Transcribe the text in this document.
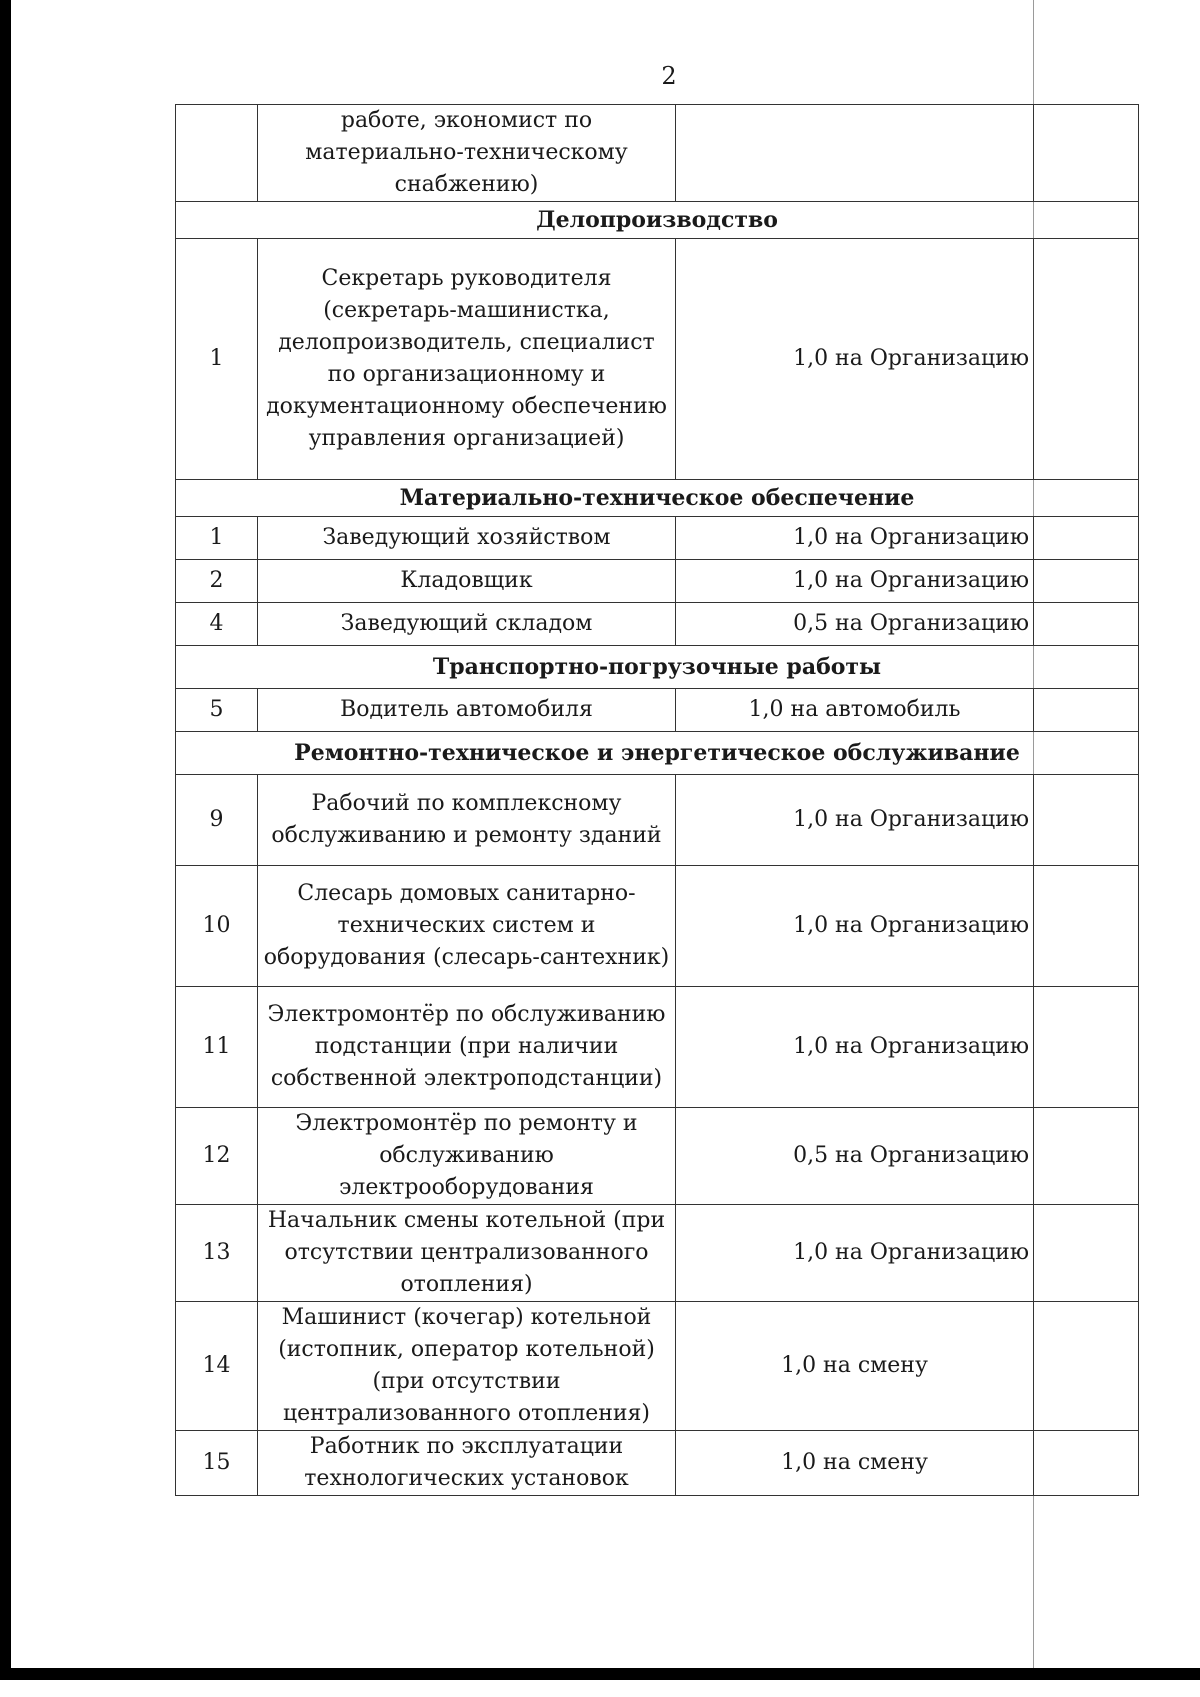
2
	работе, экономист по материально-техническому снабжению)		
Делопроизводство			
1	Секретарь руководителя (секретарь-машинистка, делопроизводитель, специалист по организационному и документационному обеспечению управления организацией)	1,0 на Организацию	
Материально-техническое обеспечение			
1	Заведующий хозяйством	1,0 на Организацию	
2	Кладовщик	1,0 на Организацию	
4	Заведующий складом	0,5 на Организацию	
Транспортно-погрузочные работы			
5	Водитель автомобиля	1,0 на автомобиль	
Ремонтно-техническое и энергетическое обслуживание			
9	Рабочий по комплексному обслуживанию и ремонту зданий	1,0 на Организацию	
10	Слесарь домовых санитарно-технических систем и оборудования (слесарь-сантехник)	1,0 на Организацию	
11	Электромонтёр по обслуживанию подстанции (при наличии собственной электроподстанции)	1,0 на Организацию	
12	Электромонтёр по ремонту и обслуживанию электрооборудования	0,5 на Организацию	
13	Начальник смены котельной (при отсутствии централизованного отопления)	1,0 на Организацию	
14	Машинист (кочегар) котельной (истопник, оператор котельной) (при отсутствии централизованного отопления)	1,0 на смену	
15	Работник по эксплуатации технологических установок	1,0 на смену	
